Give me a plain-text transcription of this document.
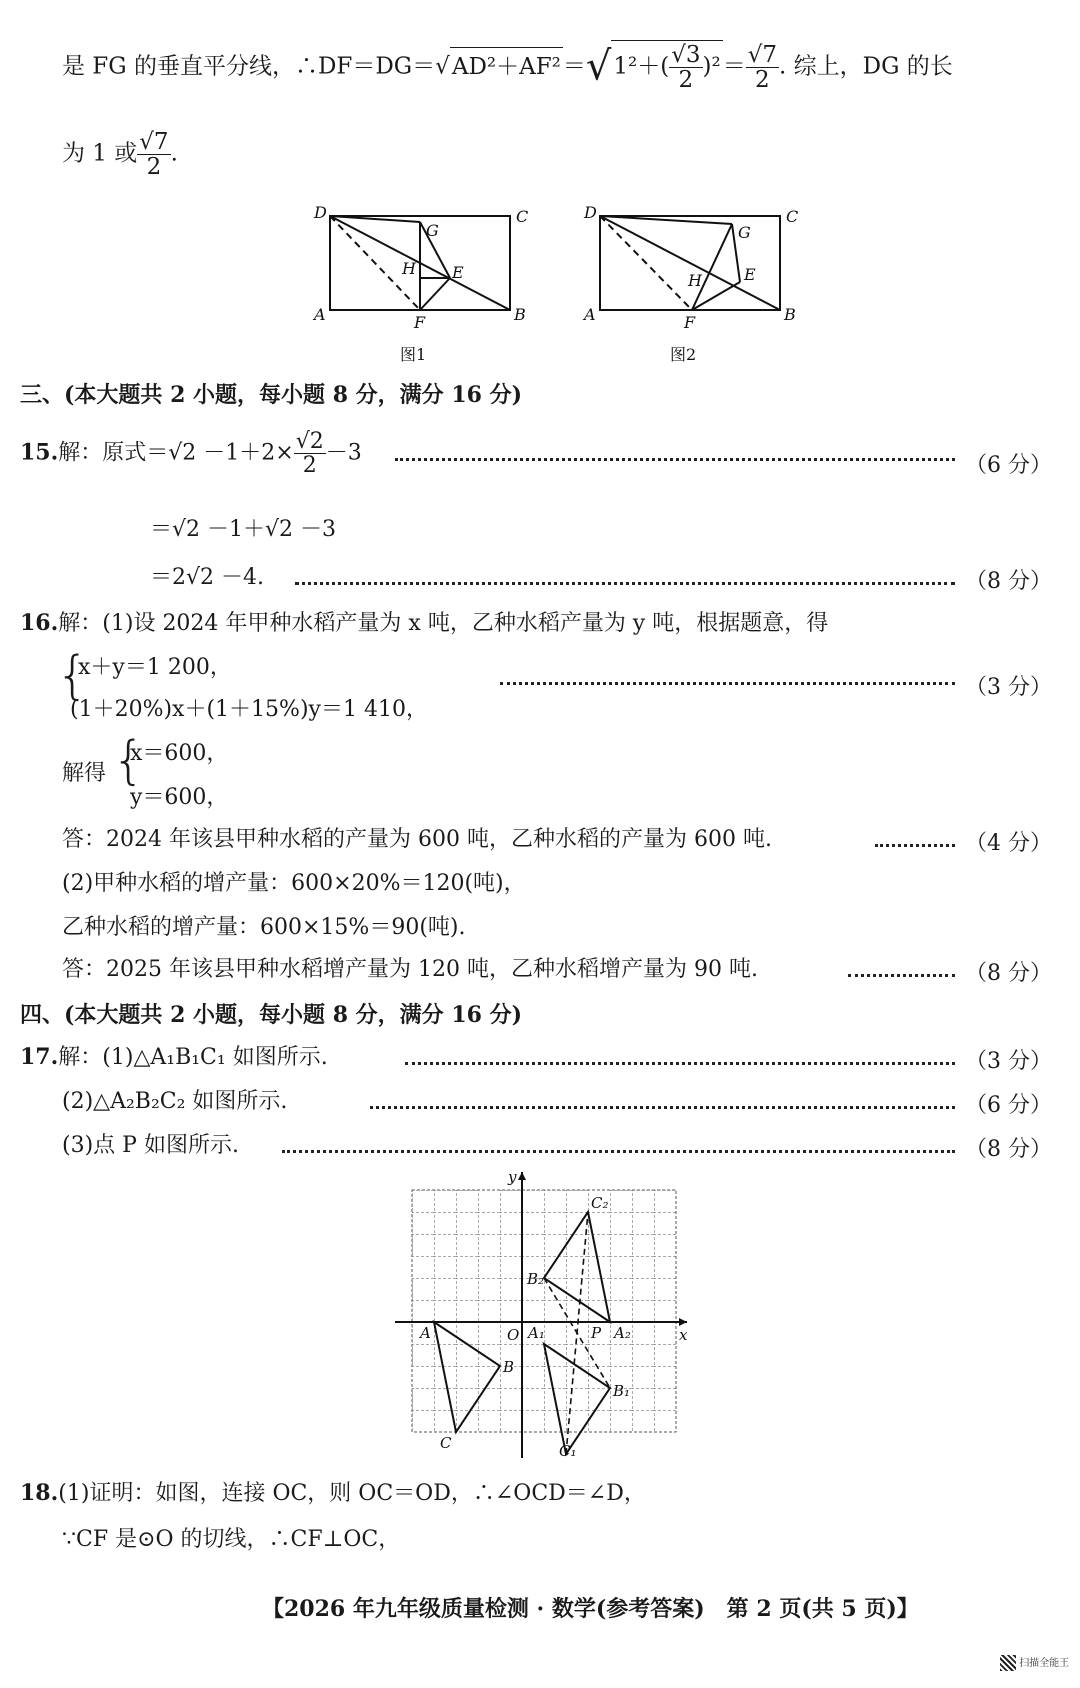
是 FG 的垂直平分线，∴DF＝DG＝√AD²＋AF²＝√1²＋( $\frac{√3}{2} )^2= \frac{√7}{2}$ . 综上，DG 的长
为 1 或 $\frac{√7}{2}$ .
D	C
A	B
G
H E
F
图1
D	C
A	B
G
H	E
F
图2
三、(本大题共 2 小题，每小题 8 分，满分 16 分)
15.解：原式$=√2 -1+2\times \frac{√2}{2} -3$	（6 分）
＝√2 －1＋√2 －3
＝2√2 －4.	（8 分）
16.解：(1)设 2024 年甲种水稻产量为 x 吨，乙种水稻产量为 y 吨，根据题意，得
{
x＋y＝1 200，
(1＋20%)x＋(1＋15%)y＝1 410，
（3 分）
解得 {
x＝600，
y＝600，
答：2024 年该县甲种水稻的产量为 600 吨，乙种水稻的产量为 600 吨.	（4 分）
(2)甲种水稻的增产量：600×20%＝120(吨)，
乙种水稻的增产量：600×15%＝90(吨).
答：2025 年该县甲种水稻增产量为 120 吨，乙种水稻增产量为 90 吨.	（8 分）
四、(本大题共 2 小题，每小题 8 分，满分 16 分)
17.解：(1)△A₁B₁C₁ 如图所示.	（3 分）
(2)△A₂B₂C₂ 如图所示.	（6 分）
(3)点 P 如图所示.	（8 分）
y
x
O
A
B
C
A₁
B₁
C₁
A₂
B₂
C₂
P
18.(1)证明：如图，连接 OC，则 OC＝OD，∴∠OCD＝∠D，
∵CF 是⊙O 的切线，∴CF⊥OC，
【2026 年九年级质量检测 · 数学(参考答案)　第 2 页(共 5 页)】
扫描全能王
